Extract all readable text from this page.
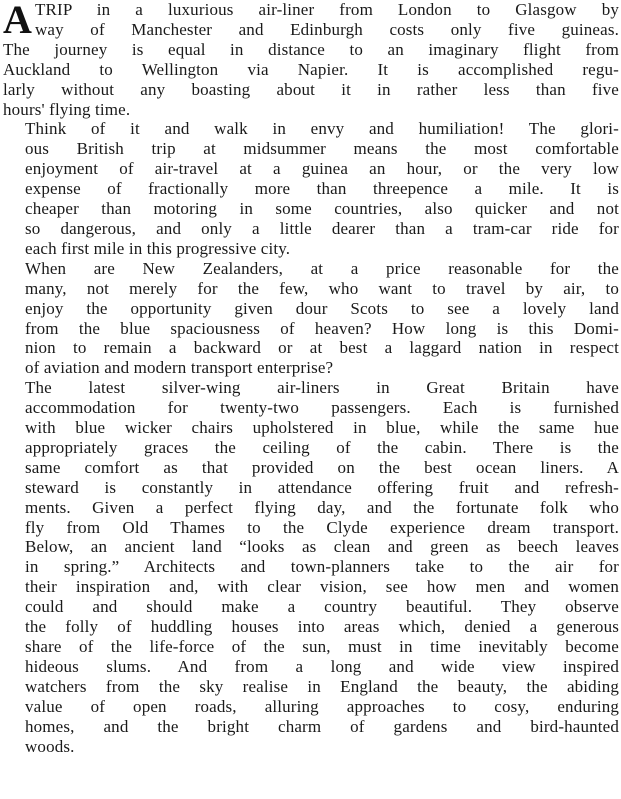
A TRIP in a luxurious air-liner from London to Glasgow by
way of Manchester and Edinburgh costs only five guineas.
The journey is equal in distance to an imaginary flight from
Auckland to Wellington via Napier. It is accomplished regu-
larly without any boasting about it in rather less than five
hours' flying time.

Think of it and walk in envy and humiliation! The glori-
ous British trip at midsummer means the most comfortable
enjoyment of air-travel at a guinea an hour, or the very low
expense of fractionally more than threepence a mile. It is
cheaper than motoring in some countries, also quicker and not
so dangerous, and only a little dearer than a tram-car ride for
each first mile in this progressive city.

When are New Zealanders, at a price reasonable for the
many, not merely for the few, who want to travel by air, to
enjoy the opportunity given dour Scots to see a lovely land
from the blue spaciousness of heaven? How long is this Domi-
nion to remain a backward or at best a laggard nation in respect
of aviation and modern transport enterprise?

The latest silver-wing air-liners in Great Britain have
accommodation for twenty-two passengers. Each is furnished
with blue wicker chairs upholstered in blue, while the same hue
appropriately graces the ceiling of the cabin. There is the
same comfort as that provided on the best ocean liners. A
steward is constantly in attendance offering fruit and refresh-
ments. Given a perfect flying day, and the fortunate folk who
fly from Old Thames to the Clyde experience dream transport.
Below, an ancient land “looks as clean and green as beech leaves
in spring.” Architects and town-planners take to the air for
their inspiration and, with clear vision, see how men and women
could and should make a country beautiful. They observe
the folly of huddling houses into areas which, denied a generous
share of the life-force of the sun, must in time inevitably become
hideous slums. And from a long and wide view inspired
watchers from the sky realise in England the beauty, the abiding
value of open roads, alluring approaches to cosy, enduring
homes, and the bright charm of gardens and bird-haunted
woods.
